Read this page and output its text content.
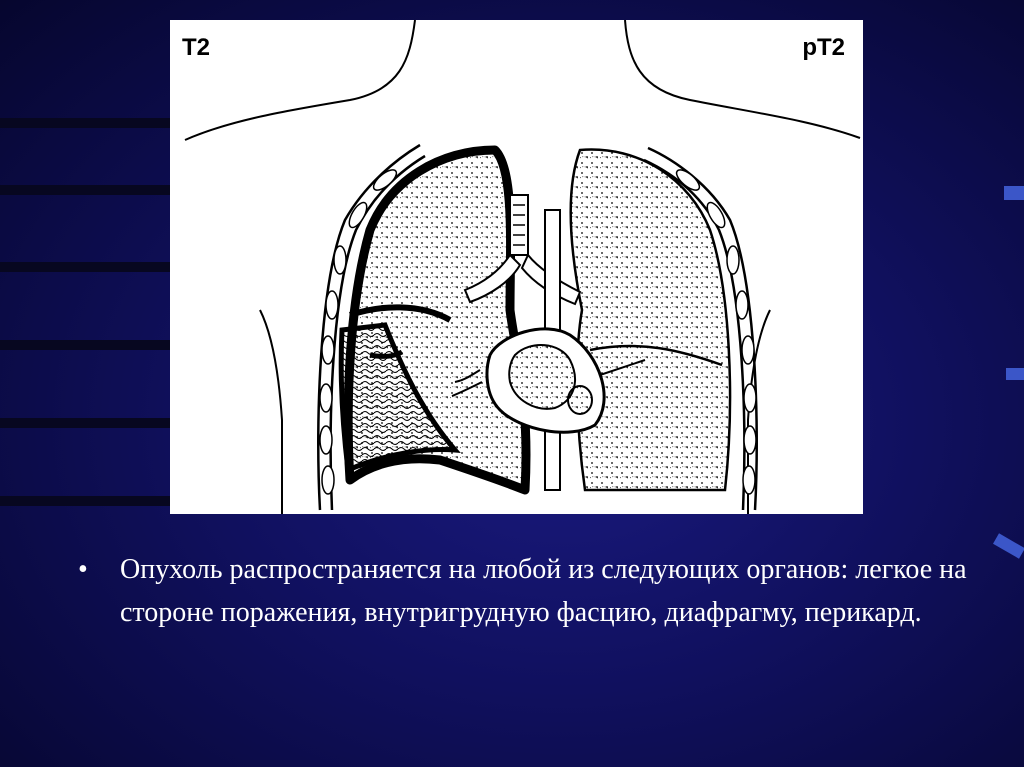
T2	pT2
• Опухоль распространяется на любой из следующих органов: легкое на стороне поражения, внутригрудную фасцию, диафрагму, перикард.
